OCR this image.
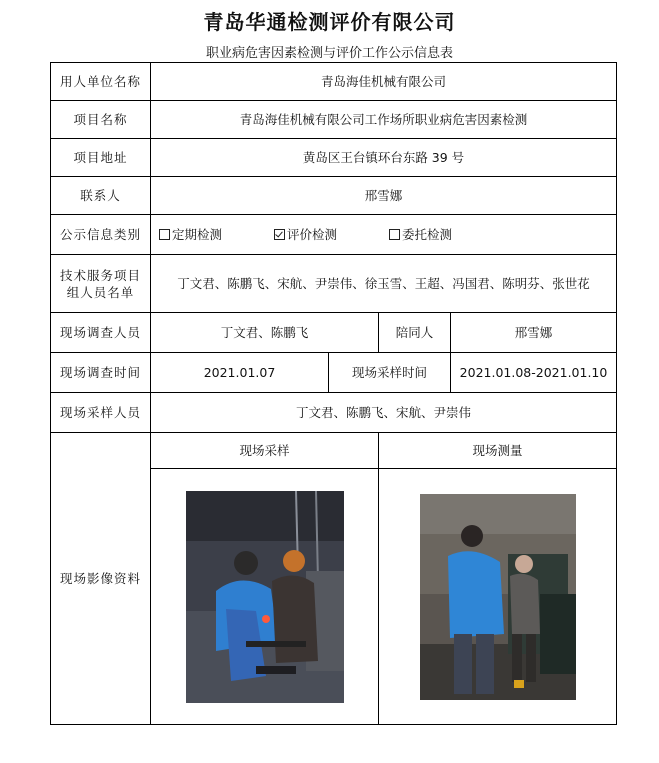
青岛华通检测评价有限公司
职业病危害因素检测与评价工作公示信息表
用人单位名称	青岛海佳机械有限公司			
项目名称	青岛海佳机械有限公司工作场所职业病危害因素检测			
项目地址	黄岛区王台镇环台东路 39 号			
联系人	邢雪娜			
公示信息类别	定期检测 评价检测 委托检测			
技术服务项目组人员名单	丁文君、陈鹏飞、宋航、尹崇伟、徐玉雪、王超、冯国君、陈明芬、张世花			
现场调查人员	丁文君、陈鹏飞		陪同人	邢雪娜
现场调查时间	2021.01.07	现场采样时间		2021.01.08-2021.01.10
现场采样人员	丁文君、陈鹏飞、宋航、尹崇伟			
现场影像资料	现场采样		现场测量	
